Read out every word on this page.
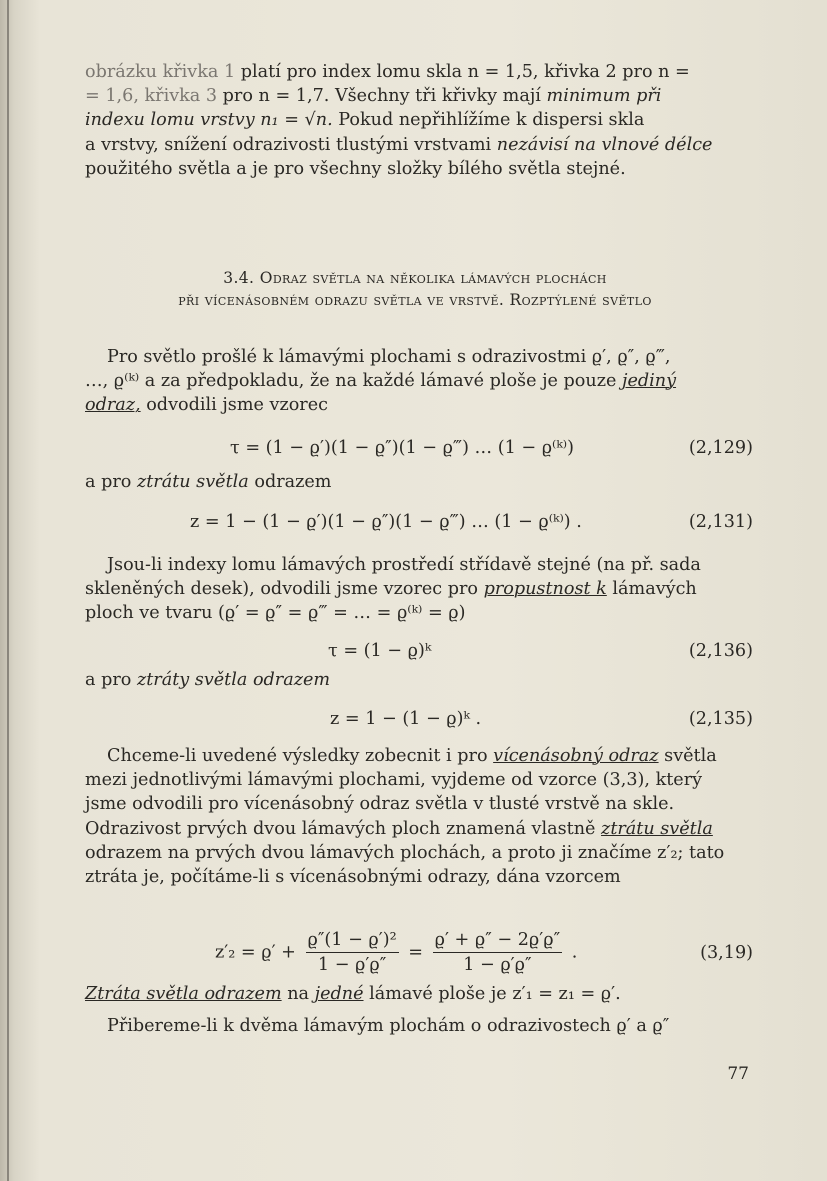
obrázku křivka 1 platí pro index lomu skla n = 1,5, křivka 2 pro n =
= 1,6, křivka 3 pro n = 1,7. Všechny tři křivky mají minimum při
indexu lomu vrstvy n₁ = √n. Pokud nepřihlížíme k dispersi skla
a vrstvy, snížení odrazivosti tlustými vrstvami nezávisí na vlnové délce
použitého světla a je pro všechny složky bílého světla stejné.
3.4. Odraz světla na několika lámavých plochách
při vícenásobném odrazu světla ve vrstvě. Rozptýlené světlo
Pro světlo prošlé k lámavými plochami s odrazivostmi ϱ′, ϱ″, ϱ‴,
…, ϱ⁽ᵏ⁾ a za předpokladu, že na každé lámavé ploše je pouze jediný
odraz, odvodili jsme vzorec
τ = (1 − ϱ′)(1 − ϱ″)(1 − ϱ‴) … (1 − ϱ⁽ᵏ⁾)	(2,129)
a pro ztrátu světla odrazem
z = 1 − (1 − ϱ′)(1 − ϱ″)(1 − ϱ‴) … (1 − ϱ⁽ᵏ⁾) .	(2,131)
Jsou-li indexy lomu lámavých prostředí střídavě stejné (na př. sada
skleněných desek), odvodili jsme vzorec pro propustnost k lámavých
ploch ve tvaru (ϱ′ = ϱ″ = ϱ‴ = … = ϱ⁽ᵏ⁾ = ϱ)
τ = (1 − ϱ)ᵏ	(2,136)
a pro ztráty světla odrazem
z = 1 − (1 − ϱ)ᵏ .	(2,135)
Chceme-li uvedené výsledky zobecnit i pro vícenásobný odraz světla
mezi jednotlivými lámavými plochami, vyjdeme od vzorce (3,3), který
jsme odvodili pro vícenásobný odraz světla v tlusté vrstvě na skle.
Odrazivost prvých dvou lámavých ploch znamená vlastně ztrátu světla
odrazem na prvých dvou lámavých plochách, a proto ji značíme z′₂; tato
ztráta je, počítáme-li s vícenásobnými odrazy, dána vzorcem
$z'_2 = ϱ' + \frac{\text{ϱ″(1 − ϱ′)²}}{1 - ϱ'ϱ''} = \frac{ϱ' + ϱ'' - 2ϱ'ϱ''}{1 - ϱ'ϱ''}$ .	(3,19)
Ztráta světla odrazem na jedné lámavé ploše je z′₁ = z₁ = ϱ′.
Přibereme-li k dvěma lámavým plochám o odrazivostech ϱ′ a ϱ″
77
